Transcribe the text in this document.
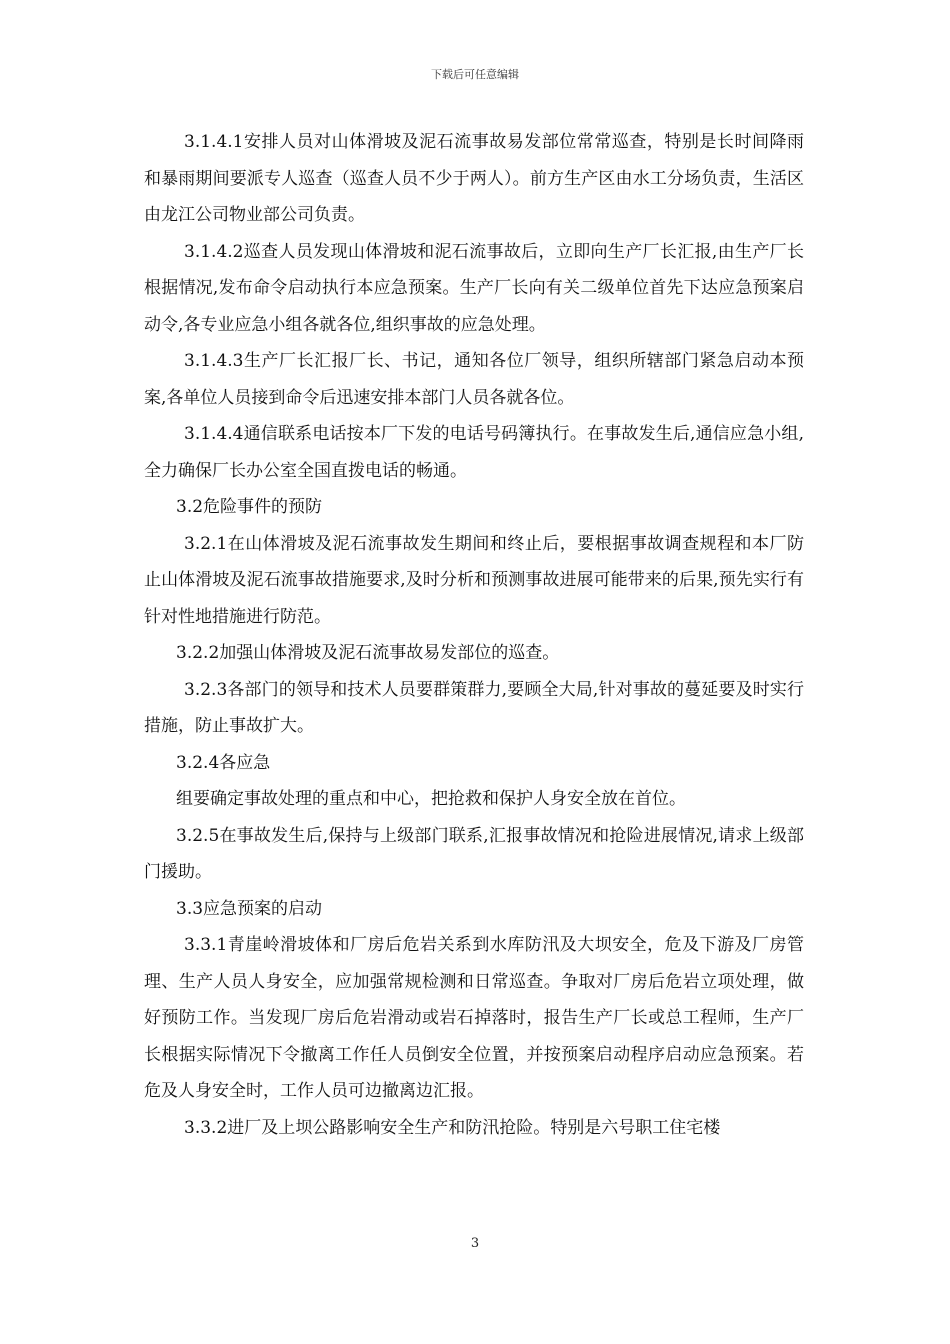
下载后可任意编辑

3.1.4.1安排人员对山体滑坡及泥石流事故易发部位常常巡查，特别是长时间降雨和暴雨期间要派专人巡查（巡查人员不少于两人）。前方生产区由水工分场负责，生活区由龙江公司物业部公司负责。

3.1.4.2巡查人员发现山体滑坡和泥石流事故后，立即向生产厂长汇报,由生产厂长根据情况,发布命令启动执行本应急预案。生产厂长向有关二级单位首先下达应急预案启动令,各专业应急小组各就各位,组织事故的应急处理。

3.1.4.3生产厂长汇报厂长、书记，通知各位厂领导，组织所辖部门紧急启动本预案,各单位人员接到命令后迅速安排本部门人员各就各位。

3.1.4.4通信联系电话按本厂下发的电话号码簿执行。在事故发生后,通信应急小组,全力确保厂长办公室全国直拨电话的畅通。

3.2危险事件的预防

3.2.1在山体滑坡及泥石流事故发生期间和终止后，要根据事故调查规程和本厂防止山体滑坡及泥石流事故措施要求,及时分析和预测事故进展可能带来的后果,预先实行有针对性地措施进行防范。

3.2.2加强山体滑坡及泥石流事故易发部位的巡查。

3.2.3各部门的领导和技术人员要群策群力,要顾全大局,针对事故的蔓延要及时实行措施，防止事故扩大。

3.2.4各应急

组要确定事故处理的重点和中心，把抢救和保护人身安全放在首位。

3.2.5在事故发生后,保持与上级部门联系,汇报事故情况和抢险进展情况,请求上级部门援助。

3.3应急预案的启动

3.3.1青崖岭滑坡体和厂房后危岩关系到水库防汛及大坝安全，危及下游及厂房管理、生产人员人身安全，应加强常规检测和日常巡查。争取对厂房后危岩立项处理，做好预防工作。当发现厂房后危岩滑动或岩石掉落时，报告生产厂长或总工程师，生产厂长根据实际情况下令撤离工作任人员倒安全位置，并按预案启动程序启动应急预案。若危及人身安全时，工作人员可边撤离边汇报。

3.3.2进厂及上坝公路影响安全生产和防汛抢险。特别是六号职工住宅楼

3
